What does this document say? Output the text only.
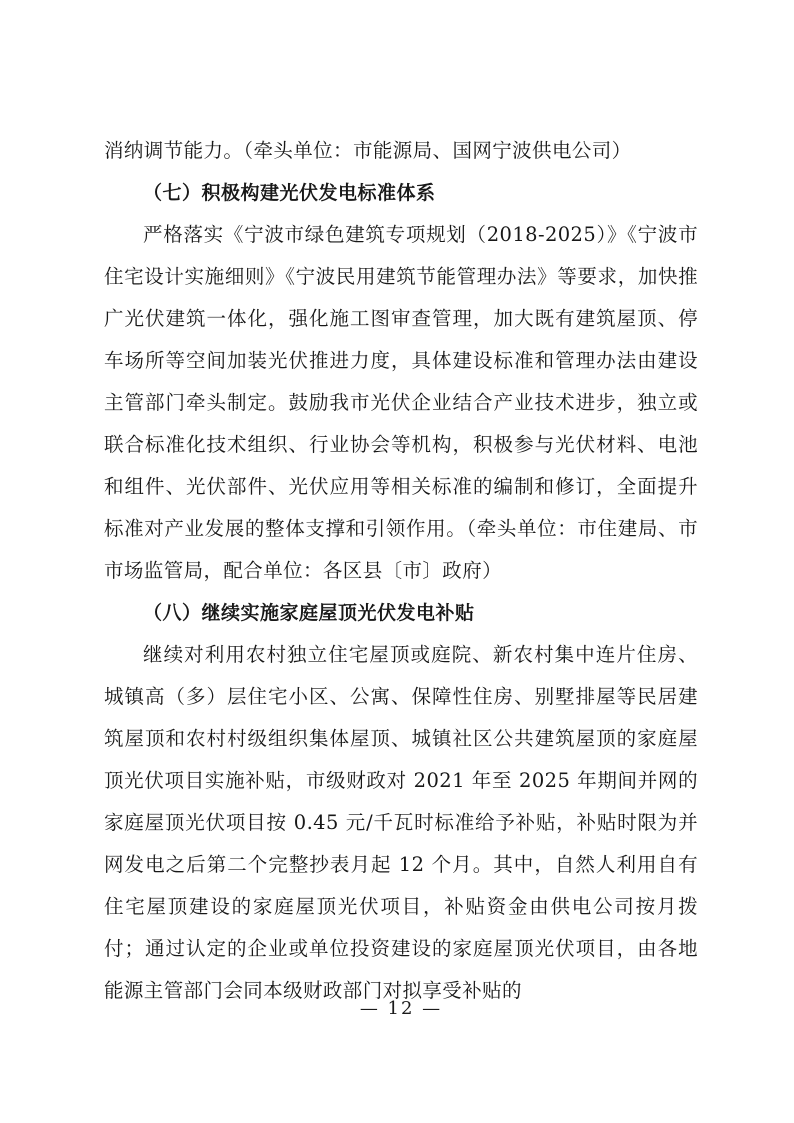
消纳调节能力。（牵头单位：市能源局、国网宁波供电公司）

（七）积极构建光伏发电标准体系

严格落实《宁波市绿色建筑专项规划（2018-2025）》《宁波市住宅设计实施细则》《宁波民用建筑节能管理办法》等要求，加快推广光伏建筑一体化，强化施工图审查管理，加大既有建筑屋顶、停车场所等空间加装光伏推进力度，具体建设标准和管理办法由建设主管部门牵头制定。鼓励我市光伏企业结合产业技术进步，独立或联合标准化技术组织、行业协会等机构，积极参与光伏材料、电池和组件、光伏部件、光伏应用等相关标准的编制和修订，全面提升标准对产业发展的整体支撑和引领作用。（牵头单位：市住建局、市市场监管局，配合单位：各区县〔市〕政府）

（八）继续实施家庭屋顶光伏发电补贴

继续对利用农村独立住宅屋顶或庭院、新农村集中连片住房、城镇高（多）层住宅小区、公寓、保障性住房、别墅排屋等民居建筑屋顶和农村村级组织集体屋顶、城镇社区公共建筑屋顶的家庭屋顶光伏项目实施补贴，市级财政对 2021 年至 2025 年期间并网的家庭屋顶光伏项目按 0.45 元/千瓦时标准给予补贴，补贴时限为并网发电之后第二个完整抄表月起 12 个月。其中，自然人利用自有住宅屋顶建设的家庭屋顶光伏项目，补贴资金由供电公司按月拨付；通过认定的企业或单位投资建设的家庭屋顶光伏项目，由各地能源主管部门会同本级财政部门对拟享受补贴的

— 12 —
